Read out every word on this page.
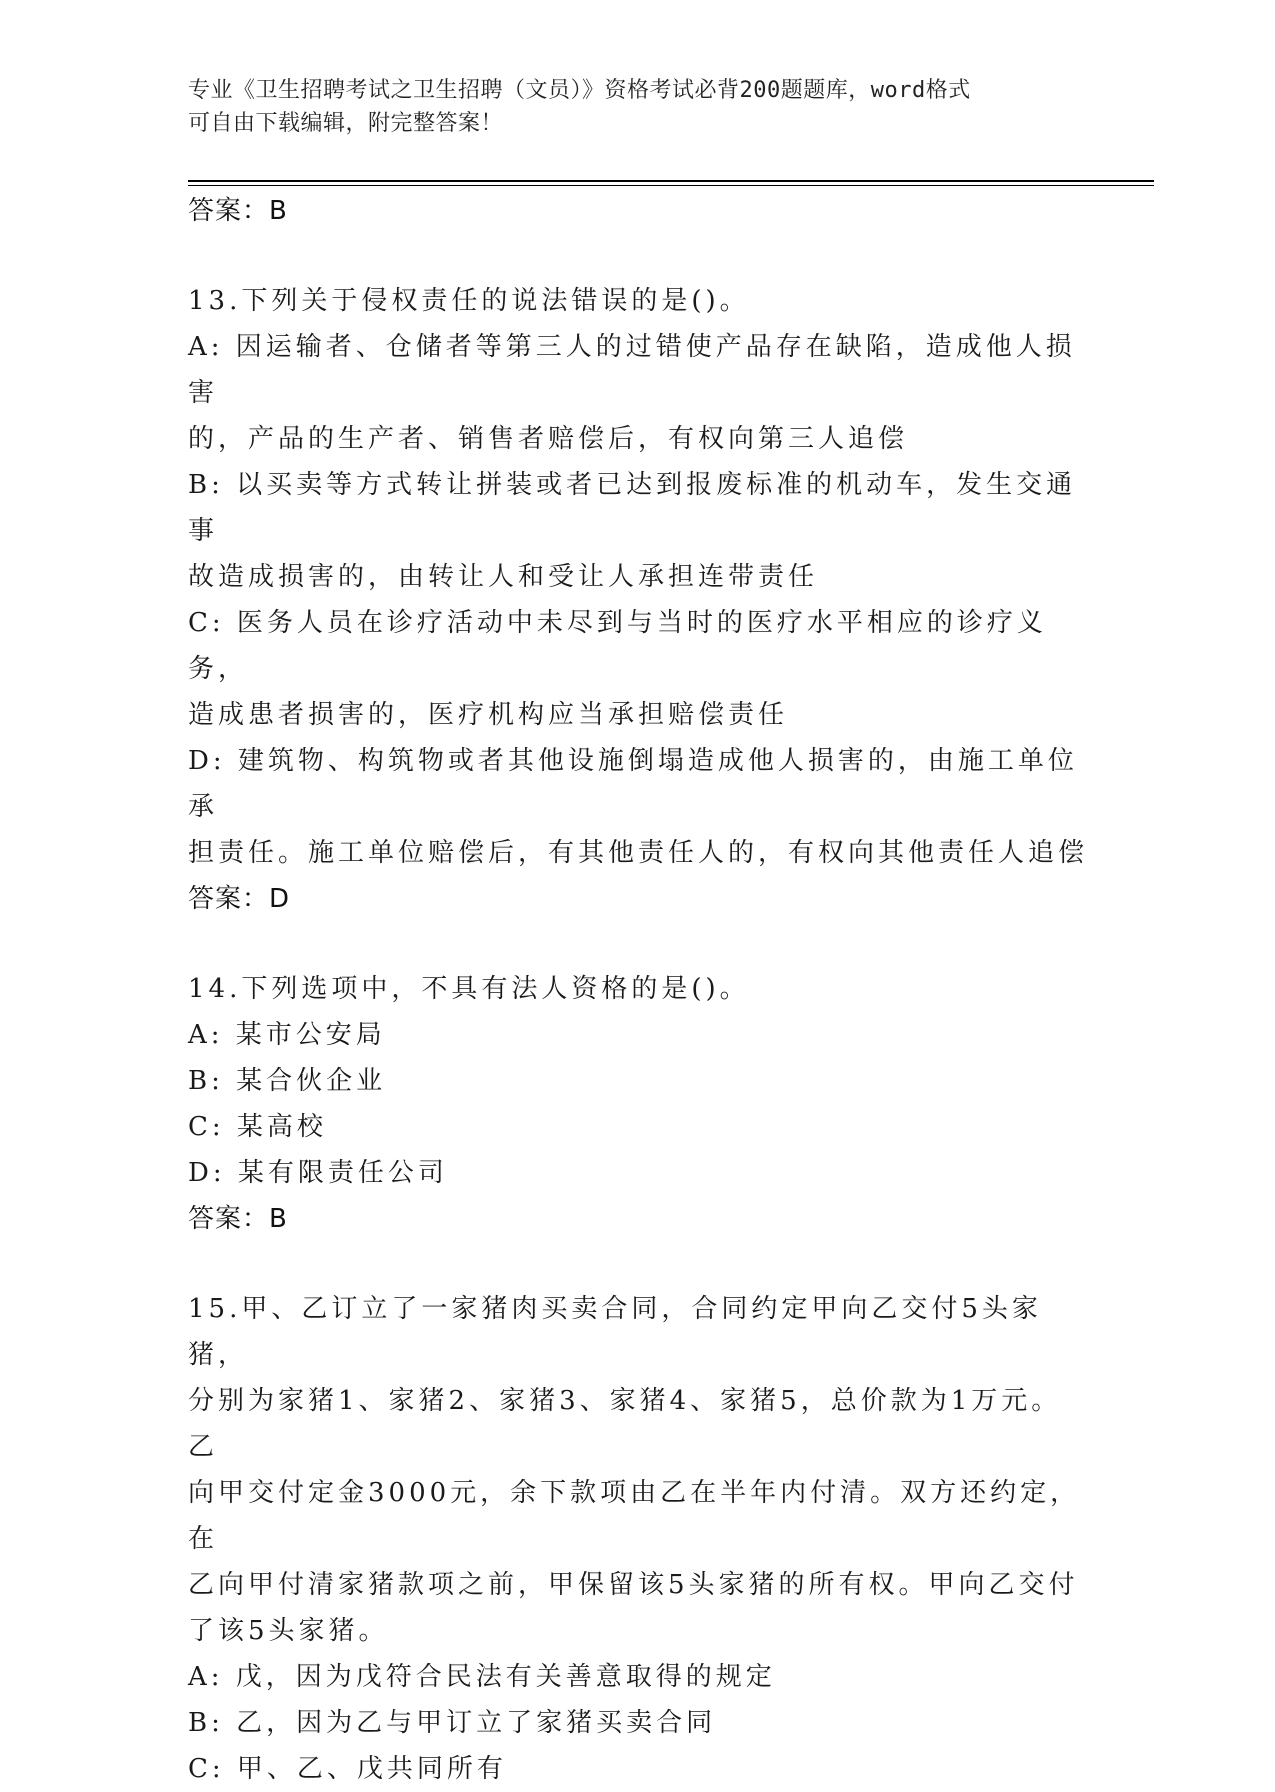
专业《卫生招聘考试之卫生招聘（文员）》资格考试必背200题题库，word格式
可自由下载编辑，附完整答案！
答案：B
13.下列关于侵权责任的说法错误的是()。
A: 因运输者、仓储者等第三人的过错使产品存在缺陷，造成他人损害
的，产品的生产者、销售者赔偿后，有权向第三人追偿
B: 以买卖等方式转让拼装或者已达到报废标准的机动车，发生交通事
故造成损害的，由转让人和受让人承担连带责任
C: 医务人员在诊疗活动中未尽到与当时的医疗水平相应的诊疗义务，
造成患者损害的，医疗机构应当承担赔偿责任
D: 建筑物、构筑物或者其他设施倒塌造成他人损害的，由施工单位承
担责任。施工单位赔偿后，有其他责任人的，有权向其他责任人追偿
答案：D
14.下列选项中，不具有法人资格的是()。
A: 某市公安局
B: 某合伙企业
C: 某高校
D: 某有限责任公司
答案：B
15.甲、乙订立了一家猪肉买卖合同，合同约定甲向乙交付5头家猪，
分别为家猪1、家猪2、家猪3、家猪4、家猪5，总价款为1万元。乙
向甲交付定金3000元，余下款项由乙在半年内付清。双方还约定，在
乙向甲付清家猪款项之前，甲保留该5头家猪的所有权。甲向乙交付
了该5头家猪。
A: 戊，因为戊符合民法有关善意取得的规定
B: 乙，因为乙与甲订立了家猪买卖合同
C: 甲、乙、戊共同所有
